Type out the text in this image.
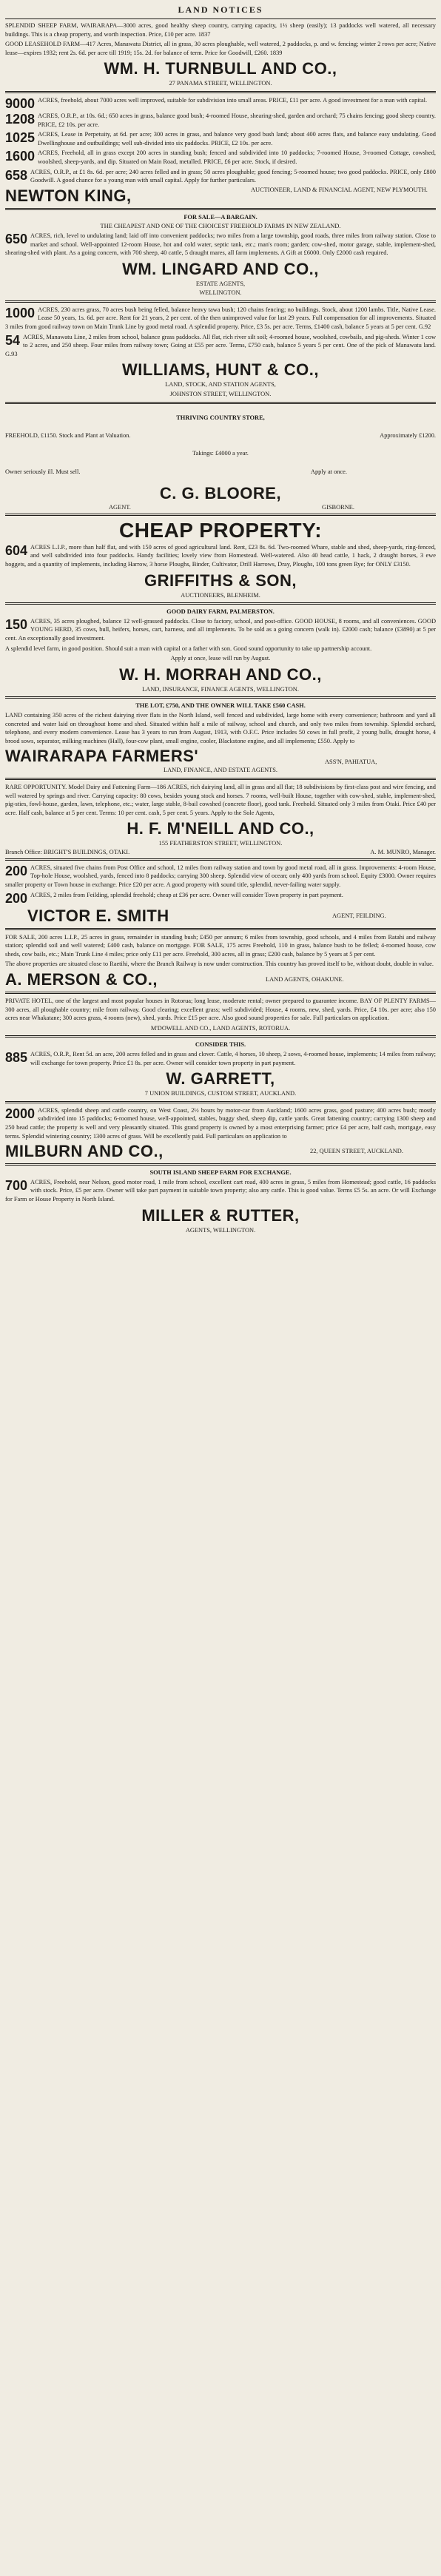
LAND NOTICES
SPLENDID SHEEP FARM, WAIRARAPA—3000 acres, good healthy sheep country, carrying capacity, 1½ sheep (easily); 13 paddocks well watered, all necessary buildings. This is a cheap property, and worth inspection. Price, £10 per acre. 1837
GOOD LEASEHOLD FARM—417 Acres, Manawatu District, all in grass, 30 acres ploughable, well watered, 2 paddocks, p. and w. fencing; winter 2 rows per acre; Native lease—expires 1932; rent 2s. 6d. per acre till 1919; 15s. 2d. for balance of term. Price for Goodwill, £260. 1839
WM. H. TURNBULL AND CO.,
27 PANAMA STREET, WELLINGTON.
9000 ACRES, freehold, about 7000 acres well improved, suitable for subdivision into small areas. PRICE, £11 per acre. A good investment for a man with capital.
1208 ACRES, O.R.P., at 10s. 6d.; 650 acres in grass, balance good bush; 4-roomed House, shearing-shed, garden and orchard; 75 chains fencing; good sheep country. PRICE, £2 10s. per acre.
1025 ACRES, Lease in Perpetuity, at 6d. per acre; 300 acres in grass, and balance very good bush land; about 400 acres flats, and balance easy undulating. Good Dwellinghouse and outbuildings; well sub-divided into six paddocks. PRICE, £2 10s. per acre.
1600 ACRES, Freehold, all in grass except 200 acres in standing bush; fenced and subdivided into 10 paddocks; 7-roomed House, 3-roomed Cottage, cowshed, woolshed, sheep-yards, and dip. Situated on Main Road, metalled. PRICE, £6 per acre. Stock, if desired.
658 ACRES, O.R.P., at £1 8s. 6d. per acre; 240 acres felled and in grass; 50 acres ploughable; good fencing; 5-roomed house; two good paddocks. PRICE, only £800 Goodwill. A good chance for a young man with small capital. Apply for further particulars.
NEWTON KING,	AUCTIONEER, LAND & FINANCIAL AGENT, NEW PLYMOUTH.
FOR SALE—A BARGAIN.
THE CHEAPEST AND ONE OF THE CHOICEST FREEHOLD FARMS IN NEW ZEALAND.
650 ACRES, rich, level to undulating land; laid off into convenient paddocks; two miles from a large township, good roads, three miles from railway station. Close to market and school. Well-appointed 12-room House, hot and cold water, septic tank, etc.; man's room; garden; cow-shed, motor garage, stable, implement-shed, shearing-shed with plant. As a going concern, with 700 sheep, 40 cattle, 5 draught mares, all farm implements. A Gift at £6000. Only £2000 cash required.
WM. LINGARD AND CO.,
ESTATE AGENTS,
WELLINGTON.
1000 ACRES, 230 acres grass, 70 acres bush being felled, balance heavy tawa bush; 120 chains fencing; no buildings. Stock, about 1200 lambs. Title, Native Lease. Lease 50 years, 1s. 6d. per acre. Rent for 21 years, 2 per cent. of the then unimproved value for last 29 years. Full compensation for all improvements. Situated 3 miles from good railway town on Main Trunk Line by good metal road. A splendid property. Price, £3 5s. per acre. Terms, £1400 cash, balance 5 years at 5 per cent. G.92
54 ACRES, Manawatu Line, 2 miles from school, balance grass paddocks. All flat, rich river silt soil; 4-roomed house, woolshed, cowbails, and pig-sheds. Winter 1 cow to 2 acres, and 250 sheep. Four miles from railway town; Going at £55 per acre. Terms, £750 cash, balance 5 years 5 per cent. One of the pick of Manawatu land. G.93
WILLIAMS, HUNT & CO.,
LAND, STOCK, AND STATION AGENTS,
JOHNSTON STREET, WELLINGTON.
THRIVING COUNTRY STORE,
FREEHOLD, £1150. Stock and Plant at Valuation.	Approximately £1200.
Takings: £4000 a year.
Owner seriously ill. Must sell.	Apply at once.
C. G. BLOORE,
AGENT.	GISBORNE.
CHEAP PROPERTY:
604 ACRES L.I.P., more than half flat, and with 150 acres of good agricultural land. Rent, £23 8s. 6d. Two-roomed Whare, stable and shed, sheep-yards, ring-fenced, and well subdivided into four paddocks. Handy facilities; lovely view from Homestead. Well-watered. Also 40 head cattle, 1 hack, 2 draught horses, 3 ewe hoggets, and a quantity of implements, including Harrow, 3 horse Ploughs, Binder, Cultivator, Drill Harrows, Dray, Ploughs, 100 tons green Rye; for ONLY £3150.
GRIFFITHS & SON,
AUCTIONEERS, BLENHEIM.
GOOD DAIRY FARM, PALMERSTON.
150 ACRES, 35 acres ploughed, balance 12 well-grassed paddocks. Close to factory, school, and post-office. GOOD HOUSE, 8 rooms, and all conveniences. GOOD YOUNG HERD, 35 cows, bull, heifers, horses, cart, harness, and all implements. To be sold as a going concern (walk in). £2000 cash; balance (£3890) at 5 per cent. An exceptionally good investment.
A splendid level farm, in good position. Should suit a man with capital or a father with son. Good sound opportunity to take up partnership account.
Apply at once, lease will run by August.
W. H. MORRAH AND CO.,
LAND, INSURANCE, FINANCE AGENTS, WELLINGTON.
THE LOT, £750, AND THE OWNER WILL TAKE £560 CASH.
LAND containing 350 acres of the richest dairying river flats in the North Island, well fenced and subdivided, large home with every convenience; bathroom and yard all concreted and water laid on throughout home and shed. Situated within half a mile of railway, school and church, and only two miles from township. Splendid orchard, telephone, and every modern convenience. Lease has 3 years to run from August, 1913, with O.F.C. Price includes 50 cows in full profit, 2 young bulls, draught horse, 4 brood sows, separator, milking machines (Hall), four-cow plant, small engine, cooler, Blackstone engine, and all implements; £550. Apply to
WAIRARAPA FARMERS'	ASS'N, PAHIATUA,
LAND, FINANCE, AND ESTATE AGENTS.
RARE OPPORTUNITY. Model Dairy and Fattening Farm—186 ACRES, rich dairying land, all in grass and all flat; 18 subdivisions by first-class post and wire fencing, and well watered by springs and river. Carrying capacity: 80 cows, besides young stock and horses. 7 rooms, well-built House, together with cow-shed, stable, implement-shed, pig-sties, fowl-house, garden, lawn, telephone, etc.; water, large stable, 8-bail cowshed (concrete floor), good tank. Freehold. Situated only 3 miles from Otaki. Price £40 per acre. Half cash, balance at 5 per cent. Terms: 10 per cent. cash, 5 per cent. 5 years. Apply to the Sole Agents,
H. F. M'NEILL AND CO.,
155 FEATHERSTON STREET, WELLINGTON.
Branch Office: BRIGHT'S BUILDINGS, OTAKI.	A. M. MUNRO, Manager.
200 ACRES, situated five chains from Post Office and school, 12 miles from railway station and town by good metal road, all in grass. Improvements: 4-room House, Top-hole House, woolshed, yards, fenced into 8 paddocks; carrying 300 sheep. Splendid view of ocean; only 400 yards from school. Equity £3000. Owner requires smaller property or Town house in exchange. Price £20 per acre. A good property with sound title, splendid, never-failing water supply.
200 ACRES, 2 miles from Feilding, splendid freehold; cheap at £36 per acre. Owner will consider Town property in part payment.
VICTOR E. SMITH	AGENT, FEILDING.
FOR SALE, 200 acres L.I.P., 25 acres in grass, remainder in standing bush; £450 per annum; 6 miles from township, good schools, and 4 miles from Ratahi and railway station; splendid soil and well watered; £400 cash, balance on mortgage. FOR SALE, 175 acres Freehold, 110 in grass, balance bush to be felled; 4-roomed house, cow sheds, cow bails, etc.; Main Trunk Line 4 miles; price only £11 per acre. Freehold, 300 acres, all in grass; £200 cash, balance by 5 years at 5 per cent.
The above properties are situated close to Raetihi, where the Branch Railway is now under construction. This country has proved itself to be, without doubt, double in value.
A. MERSON & CO.,	LAND AGENTS, OHAKUNE.
PRIVATE HOTEL, one of the largest and most popular houses in Rotorua; long lease, moderate rental; owner prepared to guarantee income. BAY OF PLENTY FARMS—300 acres, all ploughable country; mile from railway. Good clearing; excellent grass; well subdivided; House, 4 rooms, new, shed, yards. Price, £4 10s. per acre; also 150 acres near Whakatane; 300 acres grass, 4 rooms (new), shed, yards. Price £15 per acre. Also good sound properties for sale. Full particulars on application.
M'DOWELL AND CO., LAND AGENTS, ROTORUA.
CONSIDER THIS.
885 ACRES, O.R.P., Rent 5d. an acre, 200 acres felled and in grass and clover. Cattle, 4 horses, 10 sheep, 2 sows, 4-roomed house, implements; 14 miles from railway; will exchange for town property. Price £1 8s. per acre. Owner will consider town property in part payment.
W. GARRETT,
7 UNION BUILDINGS, CUSTOM STREET, AUCKLAND.
2000 ACRES, splendid sheep and cattle country, on West Coast, 2½ hours by motor-car from Auckland; 1600 acres grass, good pasture; 400 acres bush; mostly subdivided into 15 paddocks; 6-roomed house, well-appointed, stables, buggy shed, sheep dip, cattle yards. Great fattening country; carrying 1300 sheep and 250 head cattle; the property is well and very pleasantly situated. This grand property is owned by a most enterprising farmer; price £4 per acre, half cash, mortgage, easy terms. Splendid wintering country; 1300 acres of grass. Will be excellently paid. Full particulars on application to
MILBURN AND CO.,	22, QUEEN STREET, AUCKLAND.
SOUTH ISLAND SHEEP FARM FOR EXCHANGE.
700 ACRES, Freehold, near Nelson, good motor road, 1 mile from school, excellent cart road, 400 acres in grass, 5 miles from Homestead; good cattle, 16 paddocks with stock. Price, £5 per acre. Owner will take part payment in suitable town property; also any cattle. This is good value. Terms £5 5s. an acre. Or will Exchange for Farm or House Property in North Island.
MILLER & RUTTER,
AGENTS, WELLINGTON.
